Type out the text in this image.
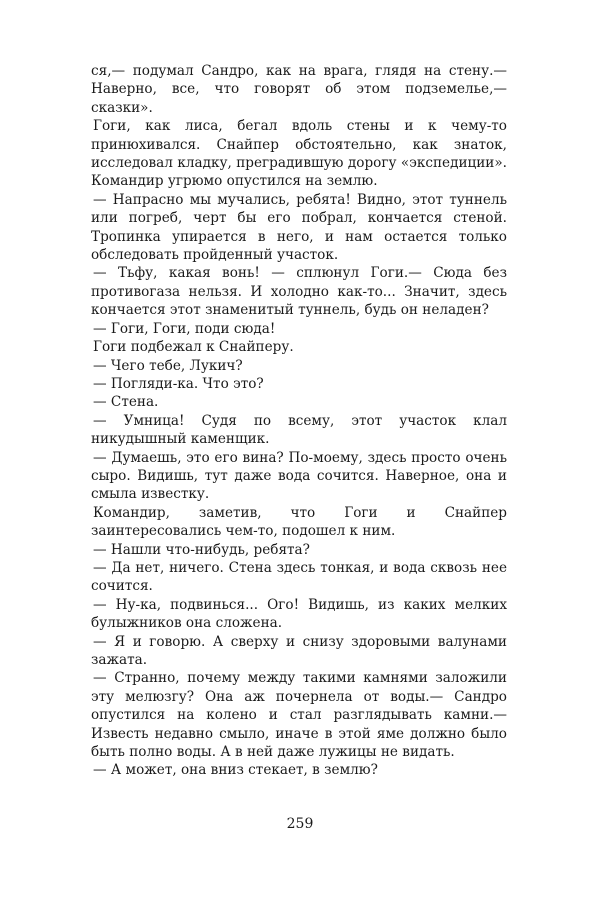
ся,— подумал Сандро, как на врага, глядя на стену.— Наверно, все, что говорят об этом подземелье,— сказки».

Гоги, как лиса, бегал вдоль стены и к чему-то принюхивался. Снайпер обстоятельно, как знаток, исследовал кладку, преградившую дорогу «экспедиции». Командир угрюмо опустился на землю.

— Напрасно мы мучались, ребята! Видно, этот туннель или погреб, черт бы его побрал, кончается стеной. Тропинка упирается в него, и нам остается только обследовать пройденный участок.

— Тьфу, какая вонь! — сплюнул Гоги.— Сюда без противогаза нельзя. И холодно как-то... Значит, здесь кончается этот знаменитый туннель, будь он неладен?

— Гоги, Гоги, поди сюда!

Гоги подбежал к Снайперу.

— Чего тебе, Лукич?

— Погляди-ка. Что это?

— Стена.

— Умница! Судя по всему, этот участок клал никудышный каменщик.

— Думаешь, это его вина? По-моему, здесь просто очень сыро. Видишь, тут даже вода сочится. Наверное, она и смыла известку.

Командир, заметив, что Гоги и Снайпер заинтересовались чем-то, подошел к ним.

— Нашли что-нибудь, ребята?

— Да нет, ничего. Стена здесь тонкая, и вода сквозь нее сочится.

— Ну-ка, подвинься... Ого! Видишь, из каких мелких булыжников она сложена.

— Я и говорю. А сверху и снизу здоровыми валунами зажата.

— Странно, почему между такими камнями заложили эту мелюзгу? Она аж почернела от воды.— Сандро опустился на колено и стал разглядывать камни.— Известь недавно смыло, иначе в этой яме должно было быть полно воды. А в ней даже лужицы не видать.

— А может, она вниз стекает, в землю?

259
